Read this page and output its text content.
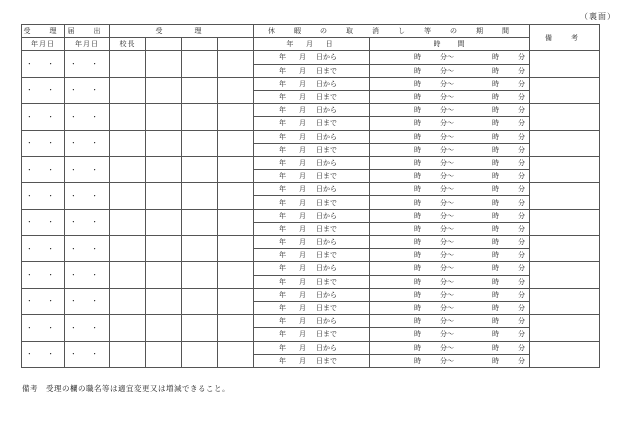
（裏面）
受　理	届　出	受　　理				休　暇　の　取　消　し　等　の　期　間		備　考
年月日	年月日	校長				年 月 日	時　　間	
・ ・	・ ・					年 月 日から	時 分～ 時 分	

						年 月 日まで	時 分～ 時 分	

・ ・	・ ・					年 月 日から	時 分～ 時 分	

						年 月 日まで	時 分～ 時 分	

・ ・	・ ・					年 月 日から	時 分～ 時 分	

						年 月 日まで	時 分～ 時 分	

・ ・	・ ・					年 月 日から	時 分～ 時 分	

						年 月 日まで	時 分～ 時 分	

・ ・	・ ・					年 月 日から	時 分～ 時 分	

						年 月 日まで	時 分～ 時 分	

・ ・	・ ・					年 月 日から	時 分～ 時 分	

						年 月 日まで	時 分～ 時 分	

・ ・	・ ・					年 月 日から	時 分～ 時 分	

						年 月 日まで	時 分～ 時 分	

・ ・	・ ・					年 月 日から	時 分～ 時 分	

						年 月 日まで	時 分～ 時 分	

・ ・	・ ・					年 月 日から	時 分～ 時 分	

						年 月 日まで	時 分～ 時 分	

・ ・	・ ・					年 月 日から	時 分～ 時 分	

						年 月 日まで	時 分～ 時 分	

・ ・	・ ・					年 月 日から	時 分～ 時 分	

						年 月 日まで	時 分～ 時 分	

・ ・	・ ・					年 月 日から	時 分～ 時 分	

						年 月 日まで	時 分～ 時 分	
備考　受理の欄の職名等は適宜変更又は増減できること。
